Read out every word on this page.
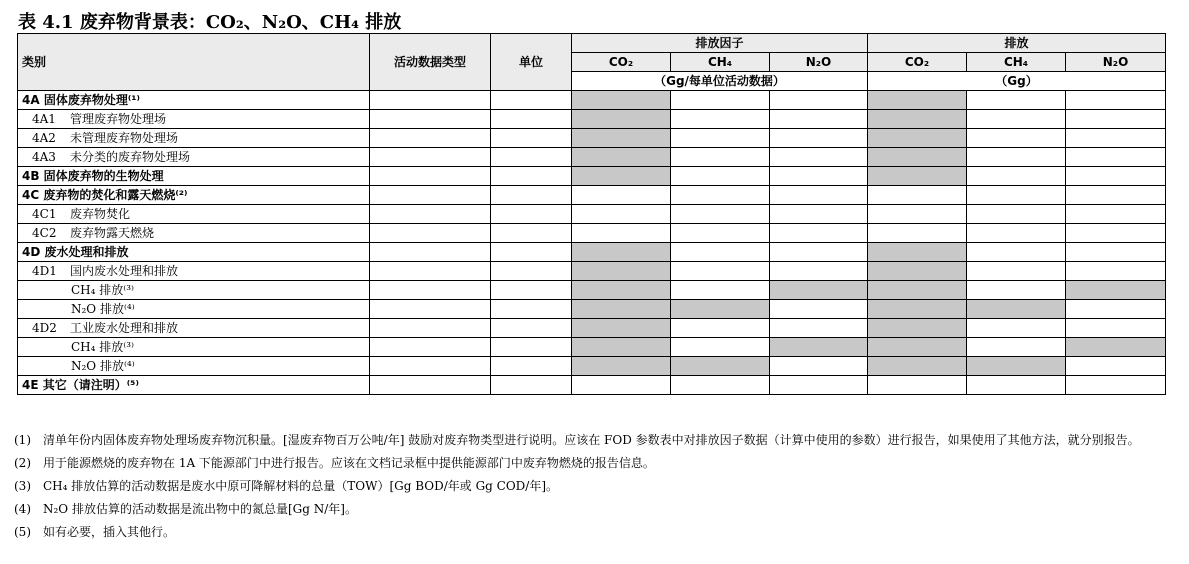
表 4.1 废弃物背景表：CO₂、N₂O、CH₄ 排放
类别	活动数据类型	单位	排放因子			排放		
			CO₂	CH₄	N₂O	CO₂	CH₄	N₂O
			（Gg/每单位活动数据）			（Gg）		
4A 固体废弃物处理⁽¹⁾								
4A1 管理废弃物处理场								
4A2 未管理废弃物处理场								
4A3 未分类的废弃物处理场								
4B 固体废弃物的生物处理								
4C 废弃物的焚化和露天燃烧⁽²⁾								
4C1 废弃物焚化								
4C2 废弃物露天燃烧								
4D 废水处理和排放								
4D1 国内废水处理和排放								
CH₄ 排放⁽³⁾								
N₂O 排放⁽⁴⁾								
4D2 工业废水处理和排放								
CH₄ 排放⁽³⁾								
N₂O 排放⁽⁴⁾								
4E 其它（请注明）⁽⁵⁾								
(1)	清单年份内固体废弃物处理场废弃物沉积量。[湿废弃物百万公吨/年] 鼓励对废弃物类型进行说明。应该在 FOD 参数表中对排放因子数据（计算中使用的参数）进行报告，如果使用了其他方法，就分别报告。
(2)	用于能源燃烧的废弃物在 1A 下能源部门中进行报告。应该在文档记录框中提供能源部门中废弃物燃烧的报告信息。
(3)	CH₄ 排放估算的活动数据是废水中原可降解材料的总量（TOW）[Gg BOD/年或 Gg COD/年]。
(4)	N₂O 排放估算的活动数据是流出物中的氮总量[Gg N/年]。
(5)	如有必要，插入其他行。
